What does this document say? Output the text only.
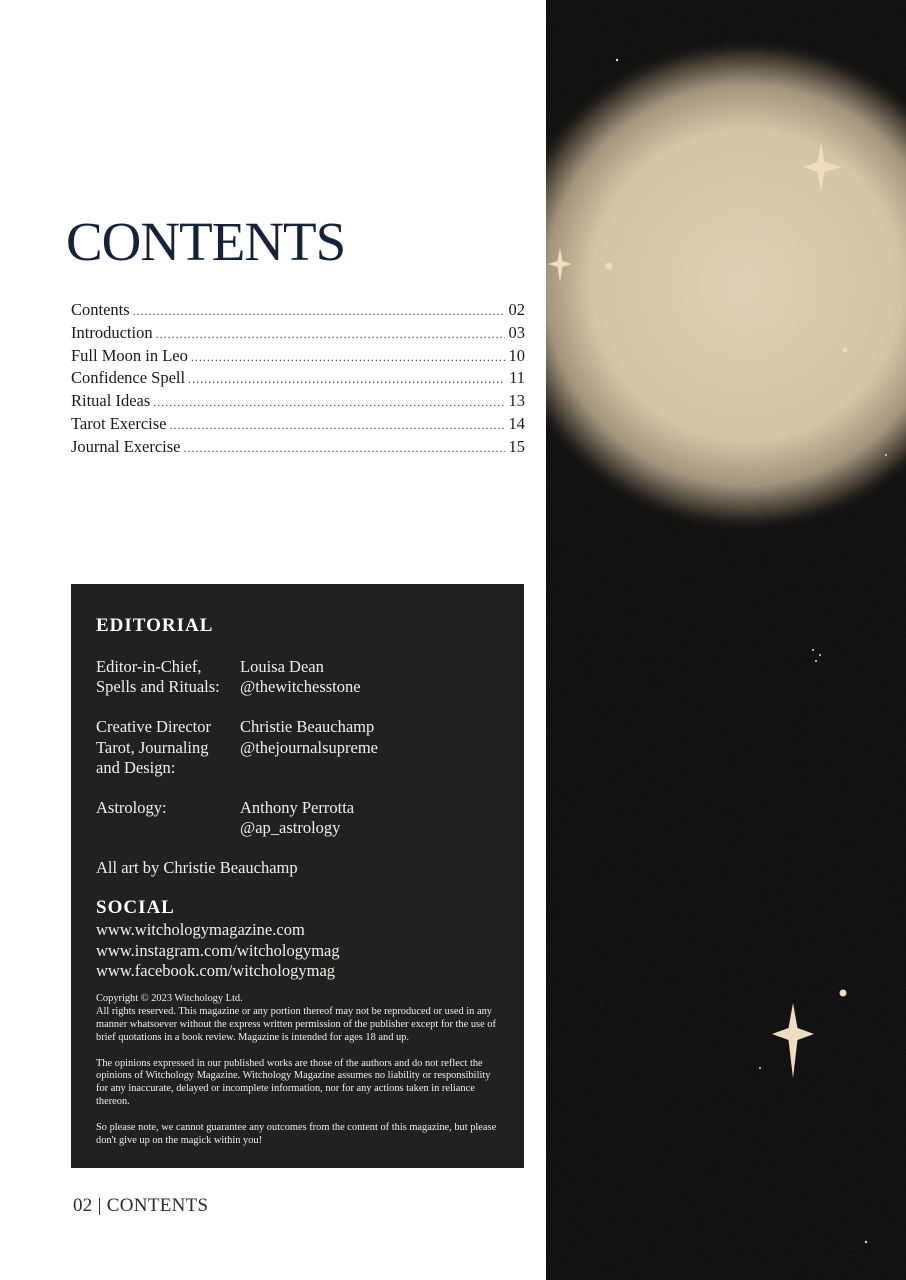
CONTENTS
Contents .....	02
Introduction .....	03
Full Moon in Leo .....	10
Confidence Spell .....	11
Ritual Ideas .....	13
Tarot Exercise .....	14
Journal Exercise .....	15
EDITORIAL
Editor-in-Chief,	Louisa Dean
Spells and Rituals:	@thewitchesstone
Creative Director	Christie Beauchamp
Tarot, Journaling	@thejournalsupreme
and Design:
Astrology:	Anthony Perrotta
@ap_astrology

All art by Christie Beauchamp

SOCIAL
www.witchologymagazine.com
www.instagram.com/witchologymag
www.facebook.com/witchologymag

Copyright © 2023 Witchology Ltd.
All rights reserved. This magazine or any portion thereof may not be reproduced or used in any manner whatsoever without the express written permission of the publisher except for the use of brief quotations in a book review. Magazine is intended for ages 18 and up.

The opinions expressed in our published works are those of the authors and do not reflect the opinions of Witchology Magazine. Witchology Magazine assumes no liability or responsibility for any inaccurate, delayed or incomplete information, nor for any actions taken in reliance thereon.

So please note, we cannot guarantee any outcomes from the content of this magazine, but please don't give up on the magick within you!

02 | CONTENTS
